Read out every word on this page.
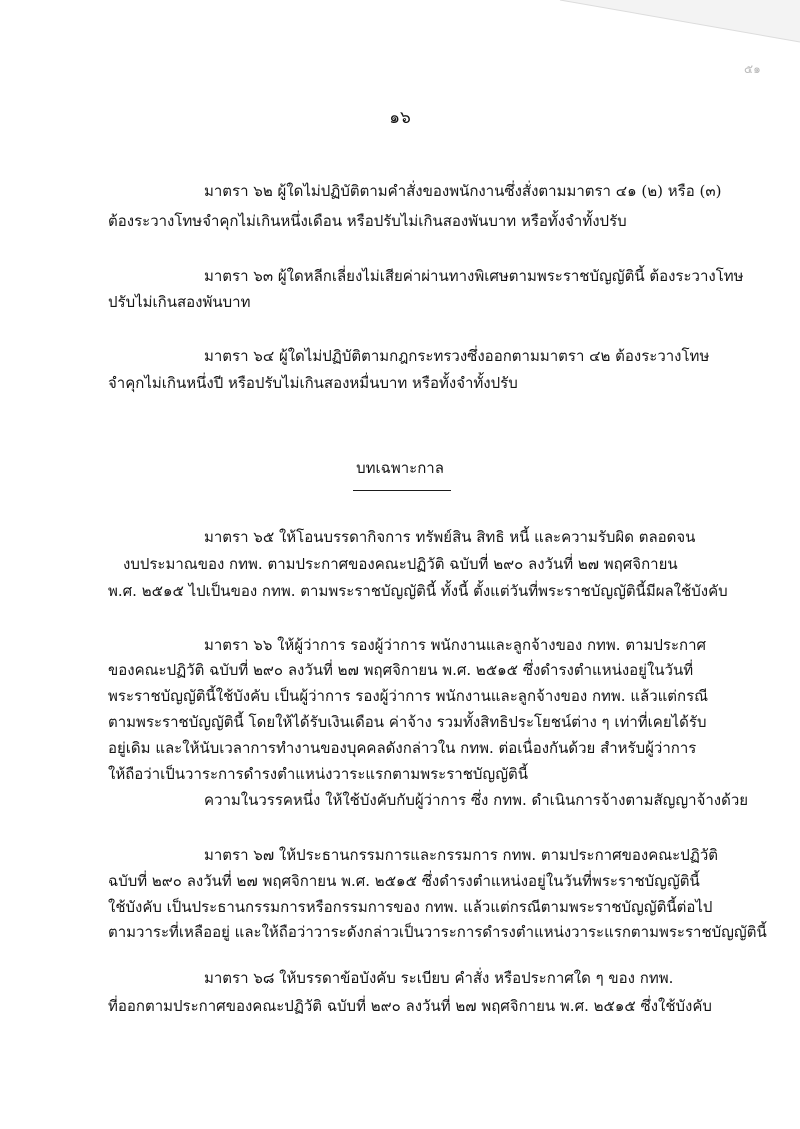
๕๑
๑๖
มาตรา ๖๒ ผู้ใดไม่ปฏิบัติตามคำสั่งของพนักงานซึ่งสั่งตามมาตรา ๔๑ (๒) หรือ (๓)
ต้องระวางโทษจำคุกไม่เกินหนึ่งเดือน หรือปรับไม่เกินสองพันบาท หรือทั้งจำทั้งปรับ
มาตรา ๖๓ ผู้ใดหลีกเลี่ยงไม่เสียค่าผ่านทางพิเศษตามพระราชบัญญัตินี้ ต้องระวางโทษ
ปรับไม่เกินสองพันบาท
มาตรา ๖๔ ผู้ใดไม่ปฏิบัติตามกฎกระทรวงซึ่งออกตามมาตรา ๔๒ ต้องระวางโทษ
จำคุกไม่เกินหนึ่งปี หรือปรับไม่เกินสองหมื่นบาท หรือทั้งจำทั้งปรับ
บทเฉพาะกาล
มาตรา ๖๕ ให้โอนบรรดากิจการ ทรัพย์สิน สิทธิ หนี้ และความรับผิด ตลอดจน
งบประมาณของ กทพ. ตามประกาศของคณะปฏิวัติ ฉบับที่ ๒๙๐ ลงวันที่ ๒๗ พฤศจิกายน
พ.ศ. ๒๕๑๕ ไปเป็นของ กทพ. ตามพระราชบัญญัตินี้ ทั้งนี้ ตั้งแต่วันที่พระราชบัญญัตินี้มีผลใช้บังคับ
มาตรา ๖๖ ให้ผู้ว่าการ รองผู้ว่าการ พนักงานและลูกจ้างของ กทพ. ตามประกาศ
ของคณะปฏิวัติ ฉบับที่ ๒๙๐ ลงวันที่ ๒๗ พฤศจิกายน พ.ศ. ๒๕๑๕ ซึ่งดำรงตำแหน่งอยู่ในวันที่
พระราชบัญญัตินี้ใช้บังคับ เป็นผู้ว่าการ รองผู้ว่าการ พนักงานและลูกจ้างของ กทพ. แล้วแต่กรณี
ตามพระราชบัญญัตินี้ โดยให้ได้รับเงินเดือน ค่าจ้าง รวมทั้งสิทธิประโยชน์ต่าง ๆ เท่าที่เคยได้รับ
อยู่เดิม และให้นับเวลาการทำงานของบุคคลดังกล่าวใน กทพ. ต่อเนื่องกันด้วย สำหรับผู้ว่าการ
ให้ถือว่าเป็นวาระการดำรงตำแหน่งวาระแรกตามพระราชบัญญัตินี้
ความในวรรคหนึ่ง ให้ใช้บังคับกับผู้ว่าการ ซึ่ง กทพ. ดำเนินการจ้างตามสัญญาจ้างด้วย
มาตรา ๖๗ ให้ประธานกรรมการและกรรมการ กทพ. ตามประกาศของคณะปฏิวัติ
ฉบับที่ ๒๙๐ ลงวันที่ ๒๗ พฤศจิกายน พ.ศ. ๒๕๑๕ ซึ่งดำรงตำแหน่งอยู่ในวันที่พระราชบัญญัตินี้
ใช้บังคับ เป็นประธานกรรมการหรือกรรมการของ กทพ. แล้วแต่กรณีตามพระราชบัญญัตินี้ต่อไป
ตามวาระที่เหลืออยู่ และให้ถือว่าวาระดังกล่าวเป็นวาระการดำรงตำแหน่งวาระแรกตามพระราชบัญญัตินี้
มาตรา ๖๘ ให้บรรดาข้อบังคับ ระเบียบ คำสั่ง หรือประกาศใด ๆ ของ กทพ.
ที่ออกตามประกาศของคณะปฏิวัติ ฉบับที่ ๒๙๐ ลงวันที่ ๒๗ พฤศจิกายน พ.ศ. ๒๕๑๕ ซึ่งใช้บังคับ
